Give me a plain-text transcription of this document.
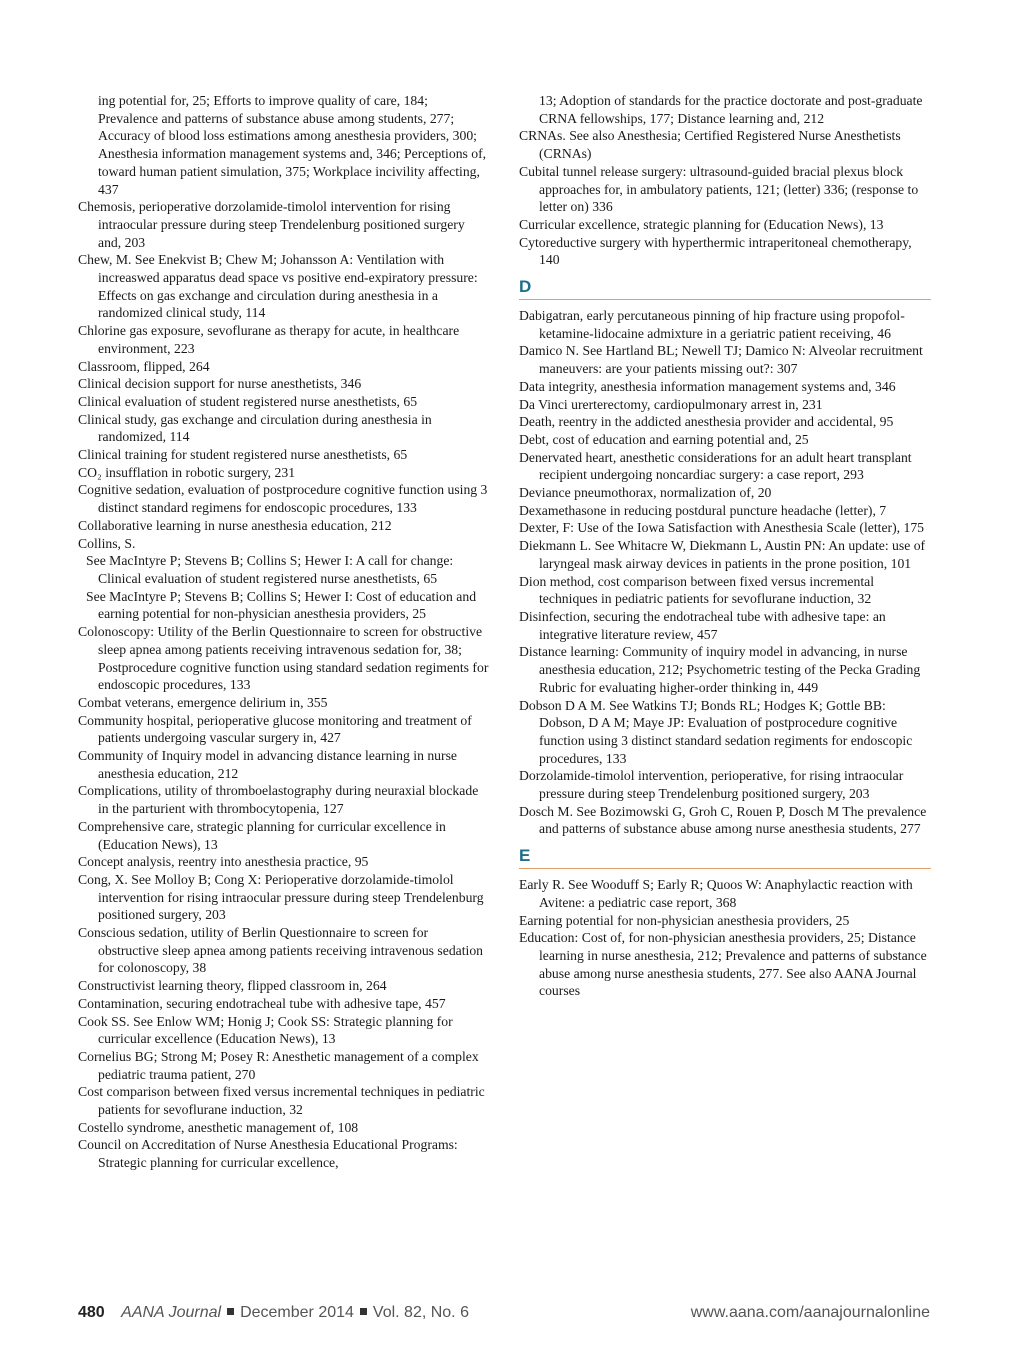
ing potential for, 25; Efforts to improve quality of care, 184; Prevalence and patterns of substance abuse among students, 277; Accuracy of blood loss estimations among anesthesia providers, 300; Anesthesia information management systems and, 346; Perceptions of, toward human patient simulation, 375; Workplace incivility affecting, 437

Chemosis, perioperative dorzolamide-timolol intervention for rising intraocular pressure during steep Trendelenburg positioned surgery and, 203

Chew, M. See Enekvist B; Chew M; Johansson A: Ventilation with increaswed apparatus dead space vs positive end-expiratory pressure: Effects on gas exchange and circulation during anesthesia in a randomized clinical study, 114

Chlorine gas exposure, sevoflurane as therapy for acute, in healthcare environment, 223

Classroom, flipped, 264

Clinical decision support for nurse anesthetists, 346

Clinical evaluation of student registered nurse anesthetists, 65

Clinical study, gas exchange and circulation during anesthesia in randomized, 114

Clinical training for student registered nurse anesthetists, 65

CO₂ insufflation in robotic surgery, 231

Cognitive sedation, evaluation of postprocedure cognitive function using 3 distinct standard regimens for endoscopic procedures, 133

Collaborative learning in nurse anesthesia education, 212

Collins, S.

See MacIntyre P; Stevens B; Collins S; Hewer I: A call for change: Clinical evaluation of student registered nurse anesthetists, 65

See MacIntyre P; Stevens B; Collins S; Hewer I: Cost of education and earning potential for non-physician anesthesia providers, 25

Colonoscopy: Utility of the Berlin Questionnaire to screen for obstructive sleep apnea among patients receiving intravenous sedation for, 38; Postprocedure cognitive function using standard sedation regiments for endoscopic procedures, 133

Combat veterans, emergence delirium in, 355

Community hospital, perioperative glucose monitoring and treatment of patients undergoing vascular surgery in, 427

Community of Inquiry model in advancing distance learning in nurse anesthesia education, 212

Complications, utility of thromboelastography during neuraxial blockade in the parturient with thrombocytopenia, 127

Comprehensive care, strategic planning for curricular excellence in (Education News), 13

Concept analysis, reentry into anesthesia practice, 95

Cong, X. See Molloy B; Cong X: Perioperative dorzolamide-timolol intervention for rising intraocular pressure during steep Trendelenburg positioned surgery, 203

Conscious sedation, utility of Berlin Questionnaire to screen for obstructive sleep apnea among patients receiving intravenous sedation for colonoscopy, 38

Constructivist learning theory, flipped classroom in, 264

Contamination, securing endotracheal tube with adhesive tape, 457

Cook SS. See Enlow WM; Honig J; Cook SS: Strategic planning for curricular excellence (Education News), 13

Cornelius BG; Strong M; Posey R: Anesthetic management of a complex pediatric trauma patient, 270

Cost comparison between fixed versus incremental techniques in pediatric patients for sevoflurane induction, 32

Costello syndrome, anesthetic management of, 108

Council on Accreditation of Nurse Anesthesia Educational Programs: Strategic planning for curricular excellence,

13; Adoption of standards for the practice doctorate and post-graduate CRNA fellowships, 177; Distance learning and, 212

CRNAs. See also Anesthesia; Certified Registered Nurse Anesthetists (CRNAs)

Cubital tunnel release surgery: ultrasound-guided bracial plexus block approaches for, in ambulatory patients, 121; (letter) 336; (response to letter on) 336

Curricular excellence, strategic planning for (Education News), 13

Cytoreductive surgery with hyperthermic intraperitoneal chemotherapy, 140

D

Dabigatran, early percutaneous pinning of hip fracture using propofol-ketamine-lidocaine admixture in a geriatric patient receiving, 46

Damico N. See Hartland BL; Newell TJ; Damico N: Alveolar recruitment maneuvers: are your patients missing out?: 307

Data integrity, anesthesia information management systems and, 346

Da Vinci urerterectomy, cardiopulmonary arrest in, 231

Death, reentry in the addicted anesthesia provider and accidental, 95

Debt, cost of education and earning potential and, 25

Denervated heart, anesthetic considerations for an adult heart transplant recipient undergoing noncardiac surgery: a case report, 293

Deviance pneumothorax, normalization of, 20

Dexamethasone in reducing postdural puncture headache (letter), 7

Dexter, F: Use of the Iowa Satisfaction with Anesthesia Scale (letter), 175

Diekmann L. See Whitacre W, Diekmann L, Austin PN: An update: use of laryngeal mask airway devices in patients in the prone position, 101

Dion method, cost comparison between fixed versus incremental techniques in pediatric patients for sevoflurane induction, 32

Disinfection, securing the endotracheal tube with adhesive tape: an integrative literature review, 457

Distance learning: Community of inquiry model in advancing, in nurse anesthesia education, 212; Psychometric testing of the Pecka Grading Rubric for evaluating higher-order thinking in, 449

Dobson D A M. See Watkins TJ; Bonds RL; Hodges K; Gottle BB: Dobson, D A M; Maye JP: Evaluation of postprocedure cognitive function using 3 distinct standard sedation regiments for endoscopic procedures, 133

Dorzolamide-timolol intervention, perioperative, for rising intraocular pressure during steep Trendelenburg positioned surgery, 203

Dosch M. See Bozimowski G, Groh C, Rouen P, Dosch M The prevalence and patterns of substance abuse among nurse anesthesia students, 277

E

Early R. See Wooduff S; Early R; Quoos W: Anaphylactic reaction with Avitene: a pediatric case report, 368

Earning potential for non-physician anesthesia providers, 25

Education: Cost of, for non-physician anesthesia providers, 25; Distance learning in nurse anesthesia, 212; Prevalence and patterns of substance abuse among nurse anesthesia students, 277. See also AANA Journal courses

480 AANA Journal December 2014 Vol. 82, No. 6	www.aana.com/aanajournalonline
